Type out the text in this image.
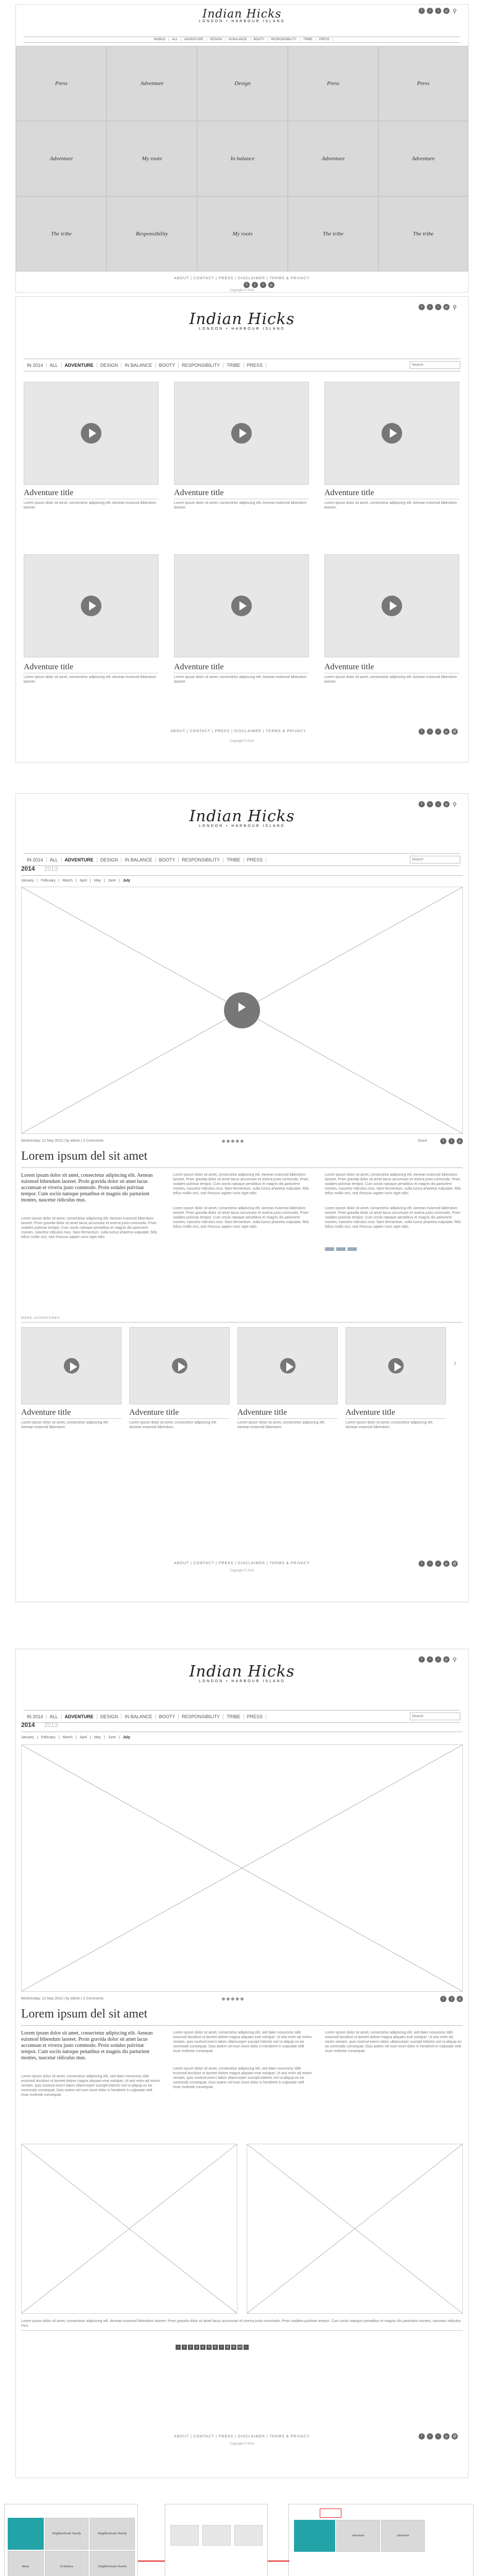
f	t	i	p ⚲
Indian Hicks
LONDON • HARBOUR ISLAND
WORLD	ALL	ADVENTURE	DESIGN	IN BALANCE	BOOTY	RESPONSIBILITY	TRIBE	PRESS
Press	Adventure	Design	Press	Press
Adventure	My roots	In balance	Adventure	Adventure
The tribe	Responsibility	My roots	The tribe	The tribe
ABOUT | CONTACT | PRESS | DISCLAIMER | TERMS & PRIVACY
f	t	i	p
Copyright © 2014
f	t	i	p ⚲
Indian Hicks
LONDON • HARBOUR ISLAND
IN 2014	ALL	ADVENTURE	DESIGN	IN BALANCE	BOOTY	RESPONSIBILITY	TRIBE	PRESS
Search
Adventure title
Lorem ipsum dolor sit amet, consectetur adipiscing elit. Aenean euismod bibendum laoreet.
Adventure title
Lorem ipsum dolor sit amet, consectetur adipiscing elit. Aenean euismod bibendum laoreet.
Adventure title
Lorem ipsum dolor sit amet, consectetur adipiscing elit. Aenean euismod bibendum laoreet.
Adventure title
Lorem ipsum dolor sit amet, consectetur adipiscing elit. Aenean euismod bibendum laoreet.
Adventure title
Lorem ipsum dolor sit amet, consectetur adipiscing elit. Aenean euismod bibendum laoreet.
Adventure title
Lorem ipsum dolor sit amet, consectetur adipiscing elit. Aenean euismod bibendum laoreet.
ABOUT | CONTACT | PRESS | DISCLAIMER | TERMS & PRIVACY	f	t	i	p	@
Copyright © 2014
f	t	i	p ⚲
Indian Hicks
LONDON • HARBOUR ISLAND
IN 2014	ALL	ADVENTURE	DESIGN	IN BALANCE	BOOTY	RESPONSIBILITY	TRIBE	PRESS
Search
2014 2013
January | February | March | April | May | June | July
Wednesday, 12 May 2013 | by admin | 0 Comments	Share	f	t	p
Lorem ipsum del sit amet
Lorem ipsum dolor sit amet, consectetur adipiscing elit. Aenean euismod bibendum laoreet. Proin gravida dolor sit amet lacus accumsan et viverra justo commodo. Proin sodales pulvinar tempor. Cum sociis natoque penatibus et magnis dis parturient montes, nascetur ridiculus mus.
Lorem ipsum dolor sit amet, consectetur adipiscing elit. Aenean euismod bibendum laoreet. Proin gravida dolor sit amet lacus accumsan et viverra justo commodo. Proin sodales pulvinar tempor. Cum sociis natoque penatibus et magnis dis parturient montes, nascetur ridiculus mus. Nam fermentum, nulla luctus pharetra vulputate, felis tellus mollis orci, sed rhoncus sapien nunc eget odio.
Lorem ipsum dolor sit amet, consectetur adipiscing elit. Aenean euismod bibendum laoreet. Proin gravida dolor sit amet lacus accumsan et viverra justo commodo. Proin sodales pulvinar tempor. Cum sociis natoque penatibus et magnis dis parturient montes, nascetur ridiculus mus. Nam fermentum, nulla luctus pharetra vulputate, felis tellus mollis orci, sed rhoncus sapien nunc eget odio.
Lorem ipsum dolor sit amet, consectetur adipiscing elit. Aenean euismod bibendum laoreet. Proin gravida dolor sit amet lacus accumsan et viverra justo commodo. Proin sodales pulvinar tempor. Cum sociis natoque penatibus et magnis dis parturient montes, nascetur ridiculus mus. Nam fermentum, nulla luctus pharetra vulputate, felis tellus mollis orci, sed rhoncus sapien nunc eget odio.
Lorem ipsum dolor sit amet, consectetur adipiscing elit. Aenean euismod bibendum laoreet. Proin gravida dolor sit amet lacus accumsan et viverra justo commodo. Proin sodales pulvinar tempor. Cum sociis natoque penatibus et magnis dis parturient montes, nascetur ridiculus mus. Nam fermentum, nulla luctus pharetra vulputate, felis tellus mollis orci, sed rhoncus sapien nunc eget odio.
Lorem ipsum dolor sit amet, consectetur adipiscing elit. Aenean euismod bibendum laoreet. Proin gravida dolor sit amet lacus accumsan et viverra justo commodo. Proin sodales pulvinar tempor. Cum sociis natoque penatibus et magnis dis parturient montes, nascetur ridiculus mus. Nam fermentum, nulla luctus pharetra vulputate, felis tellus mollis orci, sed rhoncus sapien nunc eget odio.
MORE ADVENTURES
Adventure title
Lorem ipsum dolor sit amet, consectetur adipiscing elit. Aenean euismod bibendum.
Adventure title
Lorem ipsum dolor sit amet, consectetur adipiscing elit. Aenean euismod bibendum.
Adventure title
Lorem ipsum dolor sit amet, consectetur adipiscing elit. Aenean euismod bibendum.
Adventure title
Lorem ipsum dolor sit amet, consectetur adipiscing elit. Aenean euismod bibendum.
›
ABOUT | CONTACT | PRESS | DISCLAIMER | TERMS & PRIVACY	f	t	i	p	@
Copyright © 2014
f	t	i	p ⚲
Indian Hicks
LONDON • HARBOUR ISLAND
IN 2014	ALL	ADVENTURE	DESIGN	IN BALANCE	BOOTY	RESPONSIBILITY	TRIBE	PRESS
Search
2014 2013
January | February | March | April | May | June | July
Wednesday, 12 May 2013 | by admin | 0 Comments	f	t	p
Lorem ipsum del sit amet
Lorem ipsum dolor sit amet, consectetur adipiscing elit. Aenean euismod bibendum laoreet. Proin gravida dolor sit amet lacus accumsan et viverra justo commodo. Proin sodales pulvinar tempor. Cum sociis natoque penatibus et magnis dis parturient montes, nascetur ridiculus mus.
Lorem ipsum dolor sit amet, consectetur adipiscing elit, sed diam nonummy nibh euismod tincidunt ut laoreet dolore magna aliquam erat volutpat. Ut wisi enim ad minim veniam, quis nostrud exerci tation ullamcorper suscipit lobortis nisl ut aliquip ex ea commodo consequat. Duis autem vel eum iriure dolor in hendrerit in vulputate velit esse molestie consequat.
Lorem ipsum dolor sit amet, consectetur adipiscing elit, sed diam nonummy nibh euismod tincidunt ut laoreet dolore magna aliquam erat volutpat. Ut wisi enim ad minim veniam, quis nostrud exerci tation ullamcorper suscipit lobortis nisl ut aliquip ex ea commodo consequat. Duis autem vel eum iriure dolor in hendrerit in vulputate velit esse molestie consequat.
Lorem ipsum dolor sit amet, consectetur adipiscing elit, sed diam nonummy nibh euismod tincidunt ut laoreet dolore magna aliquam erat volutpat. Ut wisi enim ad minim veniam, quis nostrud exerci tation ullamcorper suscipit lobortis nisl ut aliquip ex ea commodo consequat. Duis autem vel eum iriure dolor in hendrerit in vulputate velit esse molestie consequat.
Lorem ipsum dolor sit amet, consectetur adipiscing elit, sed diam nonummy nibh euismod tincidunt ut laoreet dolore magna aliquam erat volutpat. Ut wisi enim ad minim veniam, quis nostrud exerci tation ullamcorper suscipit lobortis nisl ut aliquip ex ea commodo consequat. Duis autem vel eum iriure dolor in hendrerit in vulputate velit esse molestie consequat.
Lorem ipsum dolor sit amet, consectetur adipiscing elit. Aenean euismod bibendum laoreet. Proin gravida dolor sit amet lacus accumsan et viverra justo commodo. Proin sodales pulvinar tempor. Cum sociis natoque penatibus et magnis dis parturient montes, nascetur ridiculus mus.
‹	1	2	3	4	5	6	7	8	9 10 ›
ABOUT | CONTACT | PRESS | DISCLAIMER | TERMS & PRIVACY	f	t	i	p	@
Copyright © 2014
Neighborhoods Nearby	Neighborhoods Nearby
Music	In balance	Neighborhoods Nearby
Adventure	Adventure
